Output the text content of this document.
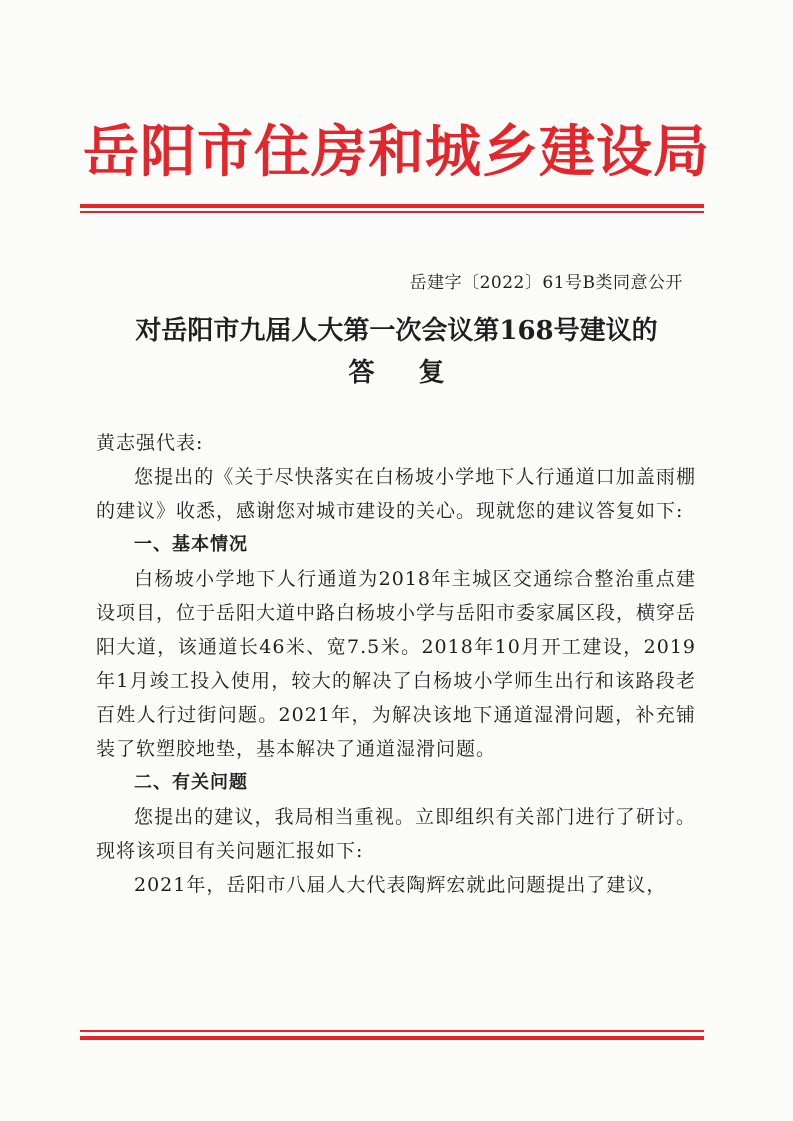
岳阳市住房和城乡建设局
岳建字〔2022〕61号B类同意公开
对岳阳市九届人大第一次会议第168号建议的
答复

黄志强代表:

您提出的《关于尽快落实在白杨坡小学地下人行通道口加盖雨棚的建议》收悉，感谢您对城市建设的关心。现就您的建议答复如下:

一、基本情况

白杨坡小学地下人行通道为2018年主城区交通综合整治重点建设项目，位于岳阳大道中路白杨坡小学与岳阳市委家属区段，横穿岳阳大道，该通道长46米、宽7.5米。2018年10月开工建设，2019年1月竣工投入使用，较大的解决了白杨坡小学师生出行和该路段老百姓人行过街问题。2021年，为解决该地下通道湿滑问题，补充铺装了软塑胶地垫，基本解决了通道湿滑问题。

二、有关问题

您提出的建议，我局相当重视。立即组织有关部门进行了研讨。现将该项目有关问题汇报如下:

2021年，岳阳市八届人大代表陶辉宏就此问题提出了建议，
